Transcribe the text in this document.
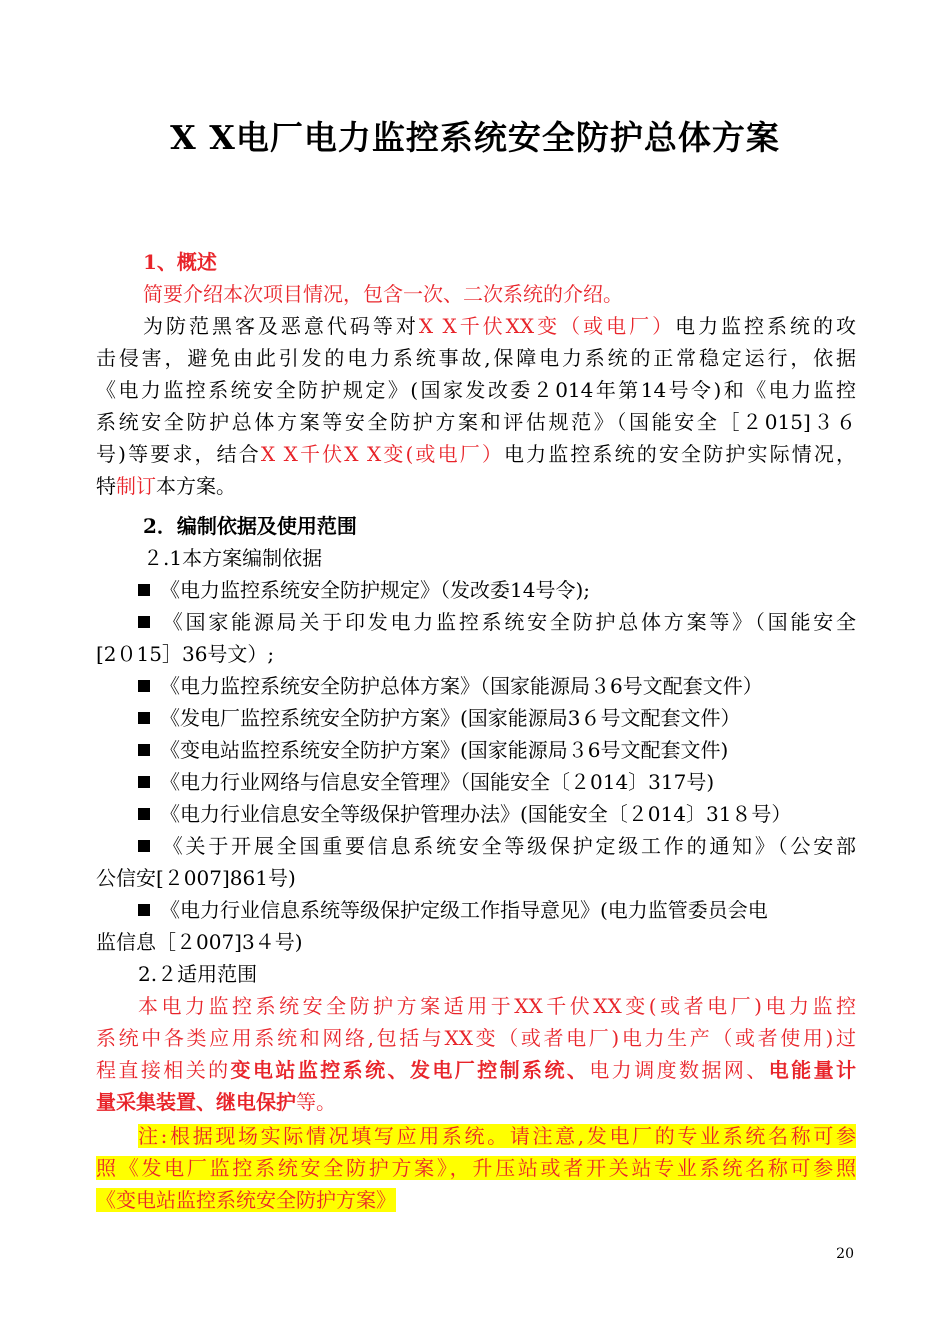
X X电厂电力监控系统安全防护总体方案
1、概述
简要介绍本次项目情况，包含一次、二次系统的介绍。
为防范黑客及恶意代码等对X X千伏XX变（或电厂）电力监控系统的攻
击侵害，避免由此引发的电力系统事故,保障电力系统的正常稳定运行，依据
《电力监控系统安全防护规定》(国家发改委２014年第14号令)和《电力监控
系统安全防护总体方案等安全防护方案和评估规范》（国能安全［２015]３６
号)等要求，结合X X千伏X X变(或电厂）电力监控系统的安全防护实际情况，
特制订本方案。
2．编制依据及使用范围
２.1本方案编制依据
《电力监控系统安全防护规定》（发改委14号令);
《国家能源局关于印发电力监控系统安全防护总体方案等》（国能安全
[2０15］36号文）;
《电力监控系统安全防护总体方案》（国家能源局３6号文配套文件）
《发电厂监控系统安全防护方案》(国家能源局3６号文配套文件）
《变电站监控系统安全防护方案》(国家能源局３6号文配套文件)
《电力行业网络与信息安全管理》（国能安全〔２014〕317号)
《电力行业信息安全等级保护管理办法》(国能安全〔２014〕31８号）
《关于开展全国重要信息系统安全等级保护定级工作的通知》（公安部
公信安[２007]861号)
《电力行业信息系统等级保护定级工作指导意见》(电力监管委员会电
监信息［２007]3４号)
2.２适用范围
本电力监控系统安全防护方案适用于XX千伏XX变(或者电厂)电力监控
系统中各类应用系统和网络,包括与XX变（或者电厂)电力生产（或者使用)过
程直接相关的变电站监控系统、发电厂控制系统、电力调度数据网、电能量计
量采集装置、继电保护等。
注:根据现场实际情况填写应用系统。请注意,发电厂的专业系统名称可参
照《发电厂监控系统安全防护方案》，升压站或者开关站专业系统名称可参照
《变电站监控系统安全防护方案》
20
